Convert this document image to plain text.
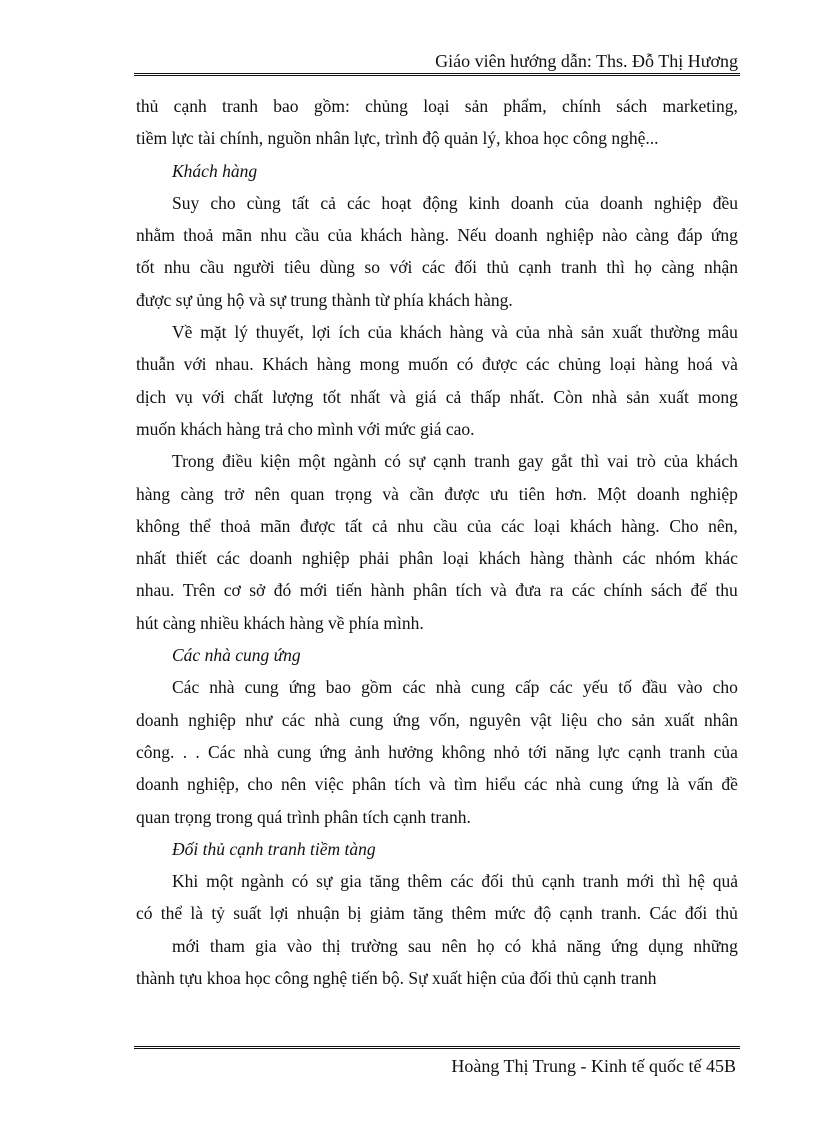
Giáo viên hướng dẫn: Ths. Đỗ Thị Hương
thủ cạnh tranh bao gồm: chủng loại sản phẩm, chính sách marketing,
tiềm lực tài chính, nguồn nhân lực, trình độ quản lý, khoa học công nghệ...
Khách hàng
Suy cho cùng tất cả các hoạt động kinh doanh của doanh nghiệp đều
nhằm thoả mãn nhu cầu của khách hàng. Nếu doanh nghiệp nào càng đáp ứng
tốt nhu cầu người tiêu dùng so với các đối thủ cạnh tranh thì họ càng nhận
được sự ủng hộ và sự trung thành từ phía khách hàng.
Về mặt lý thuyết, lợi ích của khách hàng và của nhà sản xuất thường mâu
thuẫn với nhau. Khách hàng mong muốn có được các chủng loại hàng hoá và
dịch vụ với chất lượng tốt nhất và giá cả thấp nhất. Còn nhà sản xuất mong
muốn khách hàng trả cho mình với mức giá cao.
Trong điều kiện một ngành có sự cạnh tranh gay gắt thì vai trò của khách
hàng càng trở nên quan trọng và cần được ưu tiên hơn. Một doanh nghiệp
không thể thoả mãn được tất cả nhu cầu của các loại khách hàng. Cho nên,
nhất thiết các doanh nghiệp phải phân loại khách hàng thành các nhóm khác
nhau. Trên cơ sở đó mới tiến hành phân tích và đưa ra các chính sách để thu
hút càng nhiều khách hàng về phía mình.
Các nhà cung ứng
Các nhà cung ứng bao gồm các nhà cung cấp các yếu tố đầu vào cho
doanh nghiệp như các nhà cung ứng vốn, nguyên vật liệu cho sản xuất nhân
công. . . Các nhà cung ứng ảnh hưởng không nhỏ tới năng lực cạnh tranh của
doanh nghiệp, cho nên việc phân tích và tìm hiểu các nhà cung ứng là vấn đề
quan trọng trong quá trình phân tích cạnh tranh.
Đối thủ cạnh tranh tiềm tàng
Khi một ngành có sự gia tăng thêm các đối thủ cạnh tranh mới thì hệ quả
có thể là tỷ suất lợi nhuận bị giảm tăng thêm mức độ cạnh tranh. Các đối thủ
mới tham gia vào thị trường sau nên họ có khả năng ứng dụng những
thành tựu khoa học công nghệ tiến bộ. Sự xuất hiện của đối thủ cạnh tranh
Hoàng Thị Trung - Kinh tế quốc tế 45B
